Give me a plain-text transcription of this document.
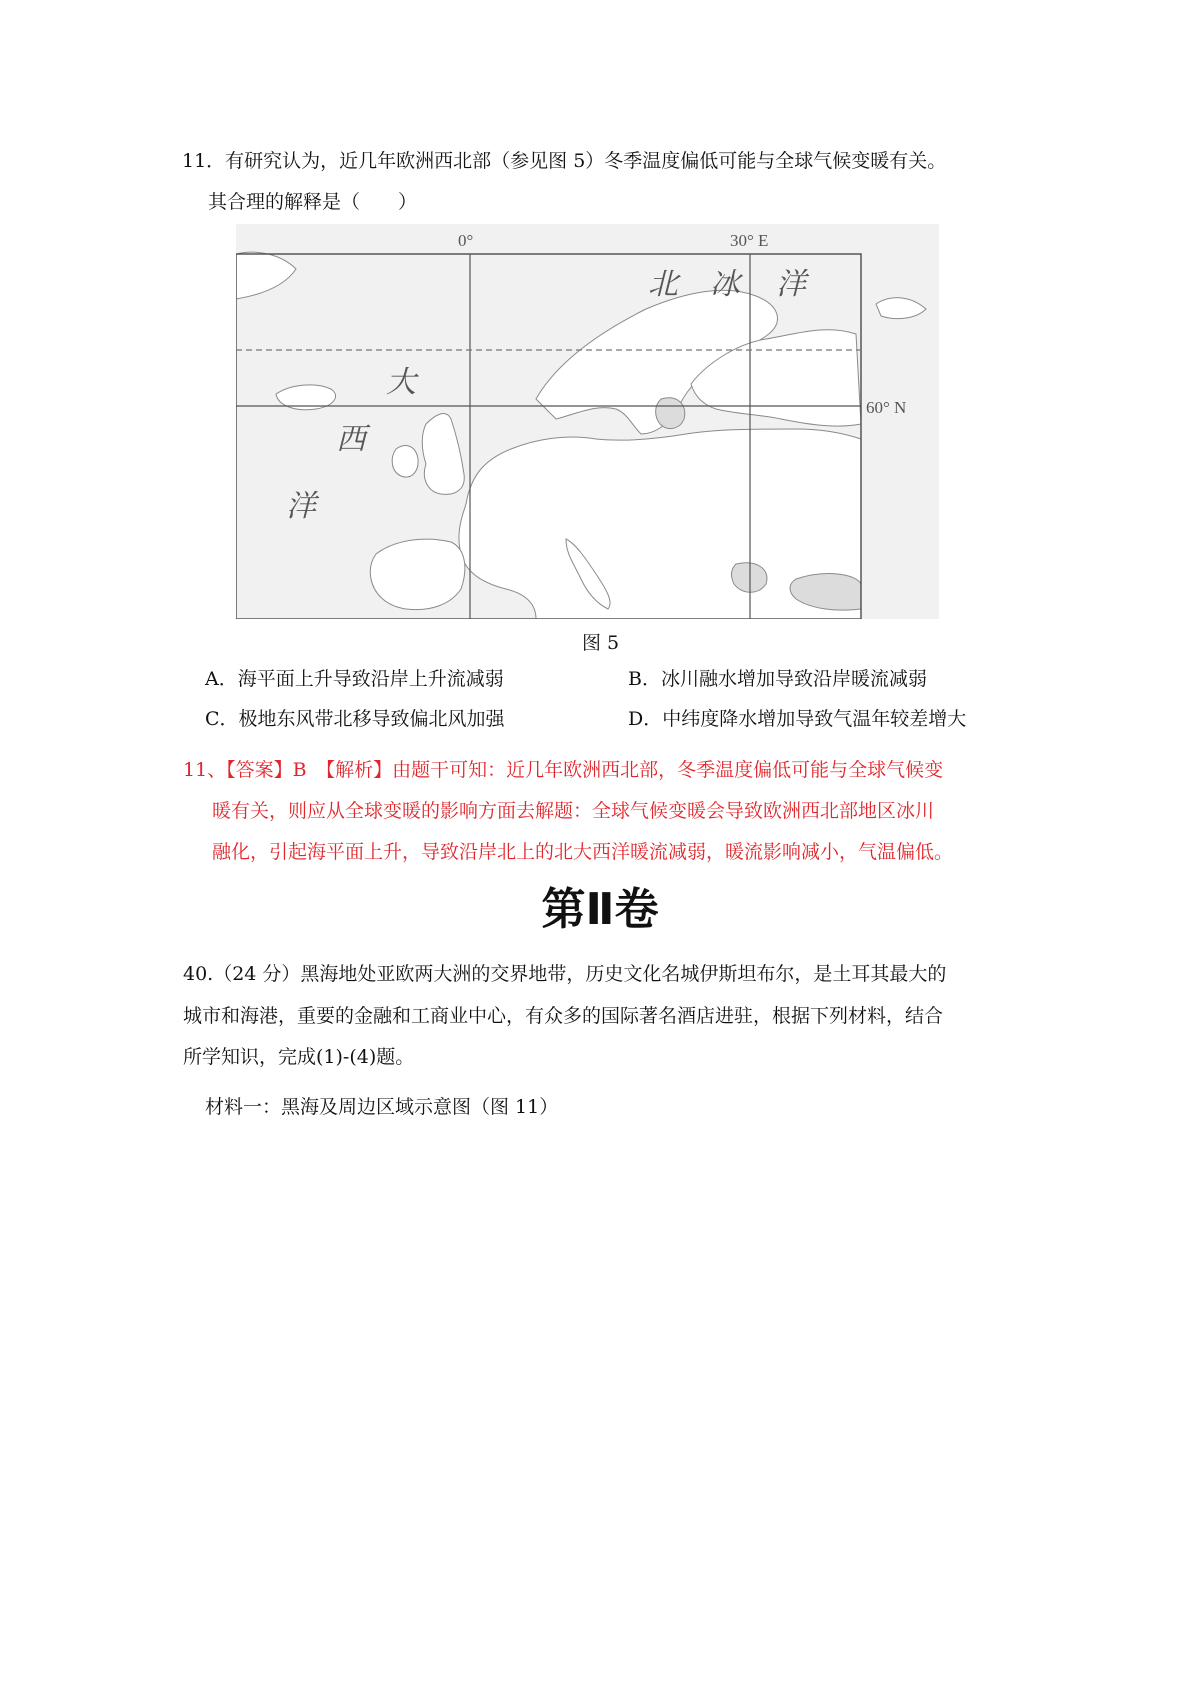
11．有研究认为，近几年欧洲西北部（参见图 5）冬季温度偏低可能与全球气候变暖有关。
其合理的解释是（　　）
0°	30° E
60° N
北 冰 洋
大
西
洋
图 5
A．海平面上升导致沿岸上升流减弱	B．冰川融水增加导致沿岸暖流减弱
C．极地东风带北移导致偏北风加强	D．中纬度降水增加导致气温年较差增大
11、【答案】B　【解析】由题干可知：近几年欧洲西北部，冬季温度偏低可能与全球气候变
暖有关，则应从全球变暖的影响方面去解题：全球气候变暖会导致欧洲西北部地区冰川
融化，引起海平面上升，导致沿岸北上的北大西洋暖流减弱，暖流影响减小，气温偏低。
第Ⅱ卷
40.（24 分）黑海地处亚欧两大洲的交界地带，历史文化名城伊斯坦布尔，是土耳其最大的
城市和海港，重要的金融和工商业中心，有众多的国际著名酒店进驻，根据下列材料，结合
所学知识，完成(1)-(4)题。
材料一：黑海及周边区域示意图（图 11）
